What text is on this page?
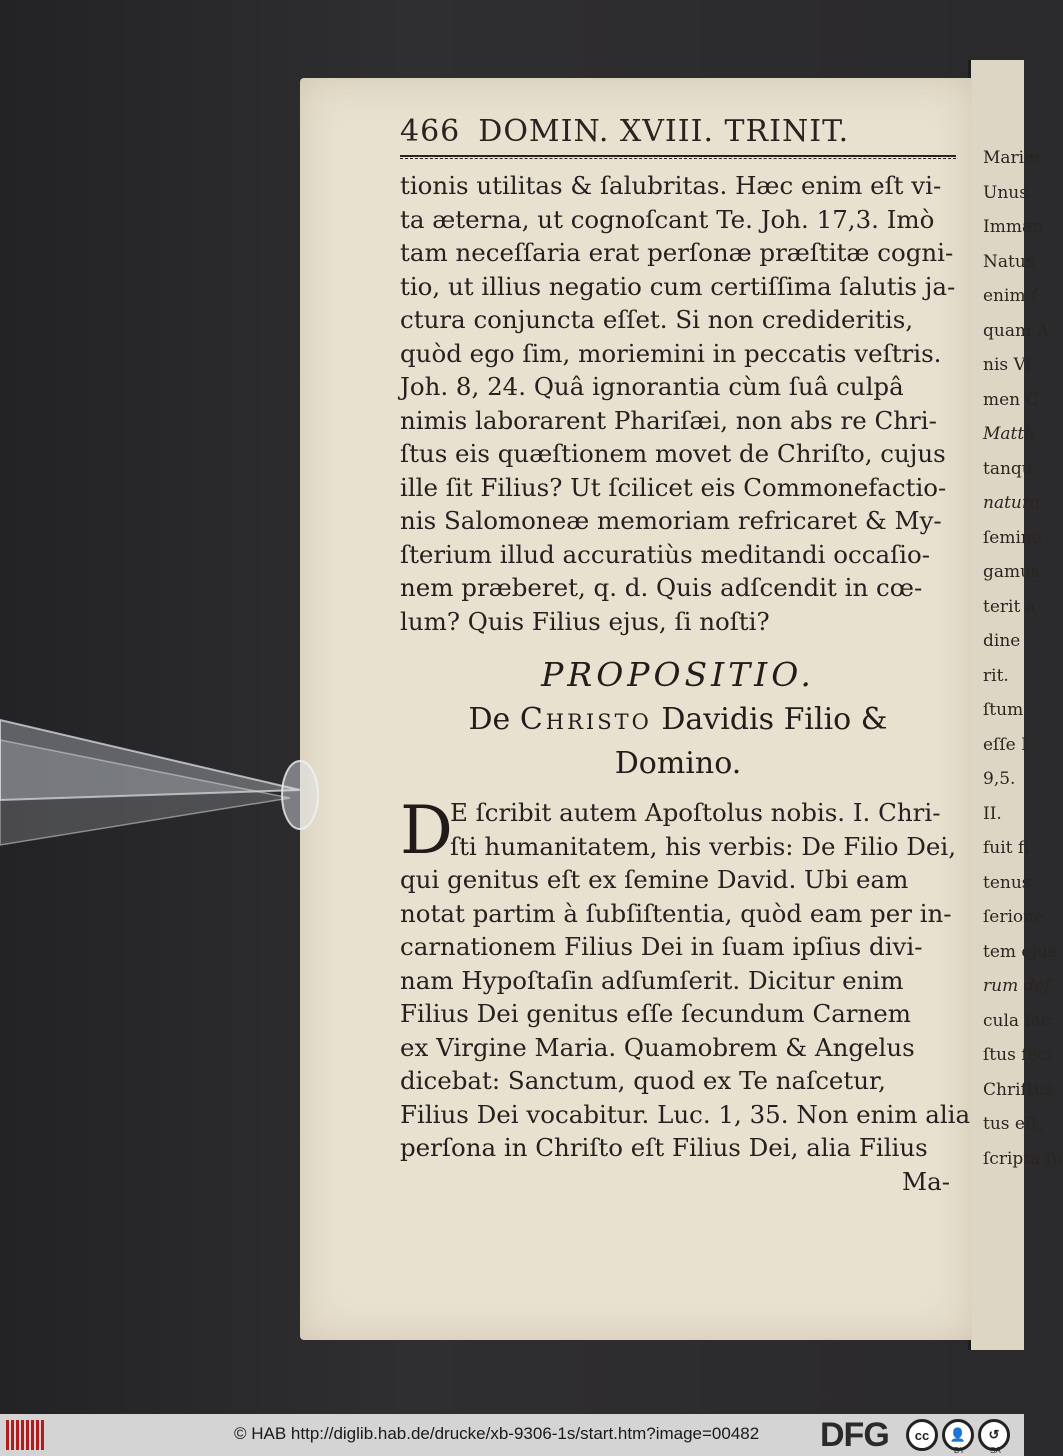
Mariæ
Unus
Imman
Natus
enim f
quam A
nis Vi
men C
Matth
tanqu
natura
ſemine
gamus
terit a
dine
rit.
ſtum
eſſe I
9,5.
II.
fuit fi
tenus
ſerione
tem ejus
rum deſ
cula fac
ſtus feci
Chriſtus
tus eſt,
ſcripta ſu
466 DOMIN. XVIII. TRINIT.
tionis utilitas & ſalubritas. Hæc enim eſt vi-
ta æterna, ut cognoſcant Te. Joh. 17,3. Imò
tam neceſſaria erat perſonæ præſtitæ cogni-
tio, ut illius negatio cum certiſſima ſalutis ja-
ctura conjuncta eſſet. Si non credideritis,
quòd ego ſim, moriemini in peccatis veſtris.
Joh. 8, 24. Quâ ignorantia cùm ſuâ culpâ
nimis laborarent Phariſæi, non abs re Chri-
ſtus eis quæſtionem movet de Chriſto, cujus
ille ſit Filius? Ut ſcilicet eis Commonefactio-
nis Salomoneæ memoriam refricaret & My-
ſterium illud accuratiùs meditandi occaſio-
nem præberet, q. d. Quis adſcendit in cœ-
lum? Quis Filius ejus, ſi noſti?
PROPOSITIO.
De Christo Davidis Filio &
Domino.
D
E ſcribit autem Apoſtolus nobis. I. Chri-
ſti humanitatem, his verbis: De Filio Dei,
qui genitus eſt ex ſemine David. Ubi eam
notat partim à ſubſiſtentia, quòd eam per in-
carnationem Filius Dei in ſuam ipſius divi-
nam Hypoſtaſin adſumſerit. Dicitur enim
Filius Dei genitus eſſe ſecundum Carnem
ex Virgine Maria. Quamobrem & Angelus
dicebat: Sanctum, quod ex Te naſcetur,
Filius Dei vocabitur. Luc. 1, 35. Non enim alia
perſona in Chriſto eſt Filius Dei, alia Filius
Ma-
© HAB http://diglib.hab.de/drucke/xb-9306-1s/start.htm?image=00482 DFG	cc	👤	↺
BY	SA
